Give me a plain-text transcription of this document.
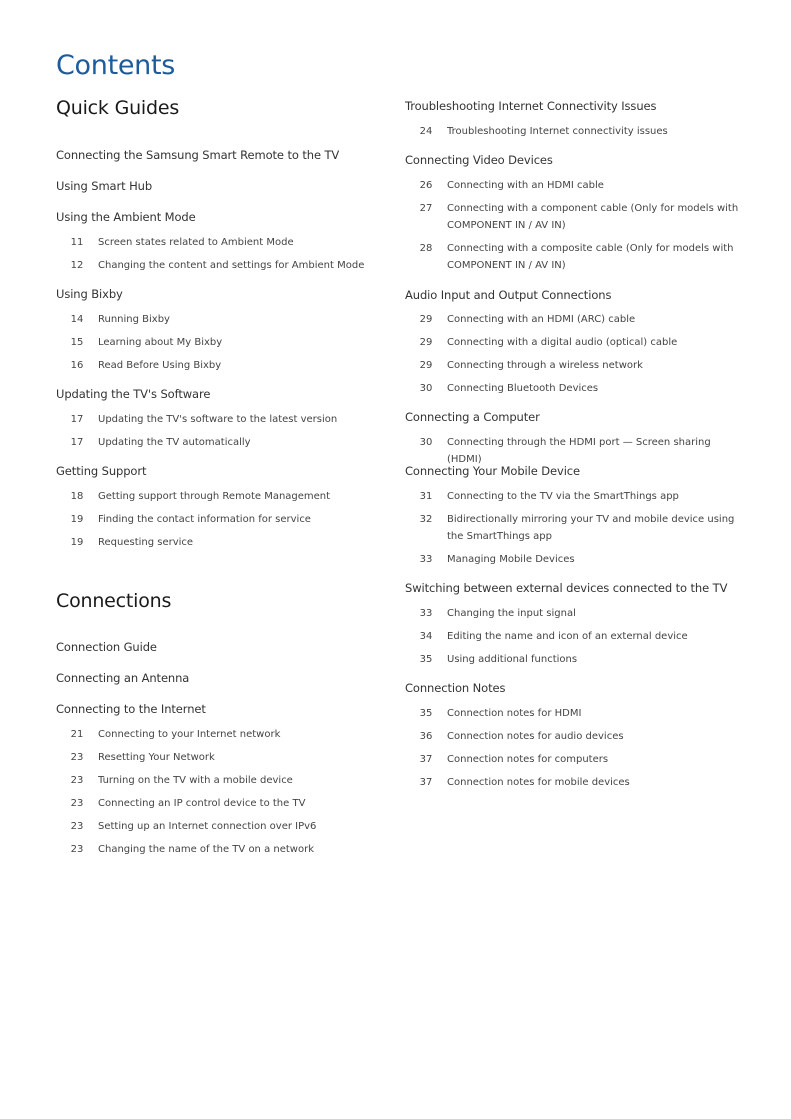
Contents
Quick Guides
Connections
Connecting the Samsung Smart Remote to the TV
Using Smart Hub
Using the Ambient Mode
Using Bixby
Updating the TV's Software
Getting Support
Connection Guide
Connecting an Antenna
Connecting to the Internet
11	Screen states related to Ambient Mode
12	Changing the content and settings for Ambient Mode
14	Running Bixby
15	Learning about My Bixby
16	Read Before Using Bixby
17	Updating the TV's software to the latest version
17	Updating the TV automatically
18	Getting support through Remote Management
19	Finding the contact information for service
19	Requesting service
21	Connecting to your Internet network
23	Resetting Your Network
23	Turning on the TV with a mobile device
23	Connecting an IP control device to the TV
23	Setting up an Internet connection over IPv6
23	Changing the name of the TV on a network
Troubleshooting Internet Connectivity Issues
Connecting Video Devices
Audio Input and Output Connections
Connecting a Computer
Connecting Your Mobile Device
Switching between external devices connected to the TV
Connection Notes
24	Troubleshooting Internet connectivity issues
26	Connecting with an HDMI cable
27	Connecting with a component cable (Only for models with COMPONENT IN / AV IN)
28	Connecting with a composite cable (Only for models with COMPONENT IN / AV IN)
29	Connecting with an HDMI (ARC) cable
29	Connecting with a digital audio (optical) cable
29	Connecting through a wireless network
30	Connecting Bluetooth Devices
30	Connecting through the HDMI port — Screen sharing (HDMI)
31	Connecting to the TV via the SmartThings app
32	Bidirectionally mirroring your TV and mobile device using the SmartThings app
33	Managing Mobile Devices
33	Changing the input signal
34	Editing the name and icon of an external device
35	Using additional functions
35	Connection notes for HDMI
36	Connection notes for audio devices
37	Connection notes for computers
37	Connection notes for mobile devices
